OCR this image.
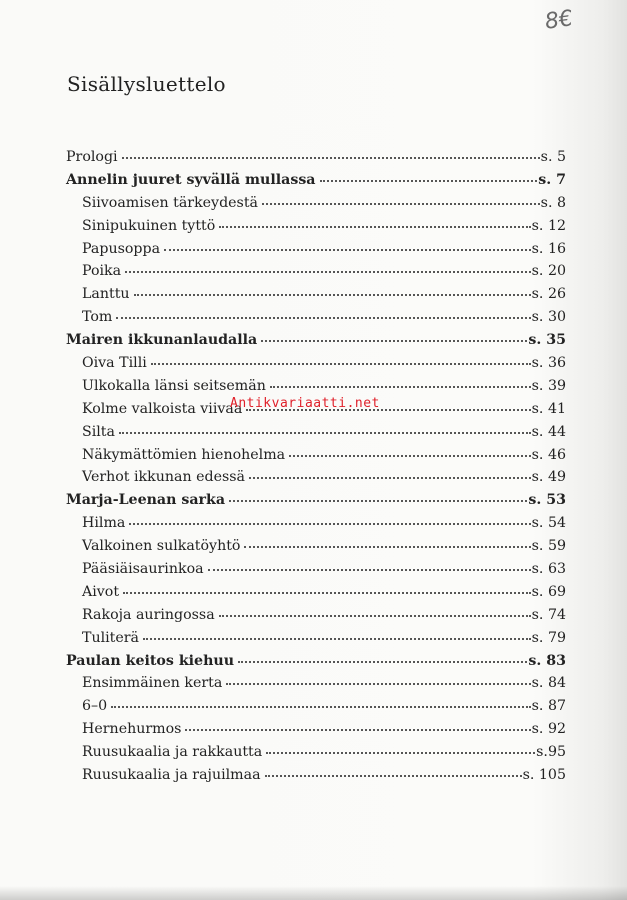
8€
Sisällysluettelo
Prologi	s. 5
Annelin juuret syvällä mullassa	s. 7
Siivoamisen tärkeydestä	s. 8
Sinipukuinen tyttö	s. 12
Papusoppa	s. 16
Poika	s. 20
Lanttu	s. 26
Tom	s. 30
Mairen ikkunanlaudalla	s. 35
Oiva Tilli	s. 36
Ulkokalla länsi seitsemän	s. 39
Kolme valkoista viivaa	s. 41
Silta	s. 44
Näkymättömien hienohelma	s. 46
Verhot ikkunan edessä	s. 49
Marja-Leenan sarka	s. 53
Hilma	s. 54
Valkoinen sulkatöyhtö	s. 59
Pääsiäisaurinkoa	s. 63
Aivot	s. 69
Rakoja auringossa	s. 74
Tuliterä	s. 79
Paulan keitos kiehuu	s. 83
Ensimmäinen kerta	s. 84
6–0	s. 87
Hernehurmos	s. 92
Ruusukaalia ja rakkautta	s.95
Ruusukaalia ja rajuilmaa	s. 105
Antikvariaatti.net
